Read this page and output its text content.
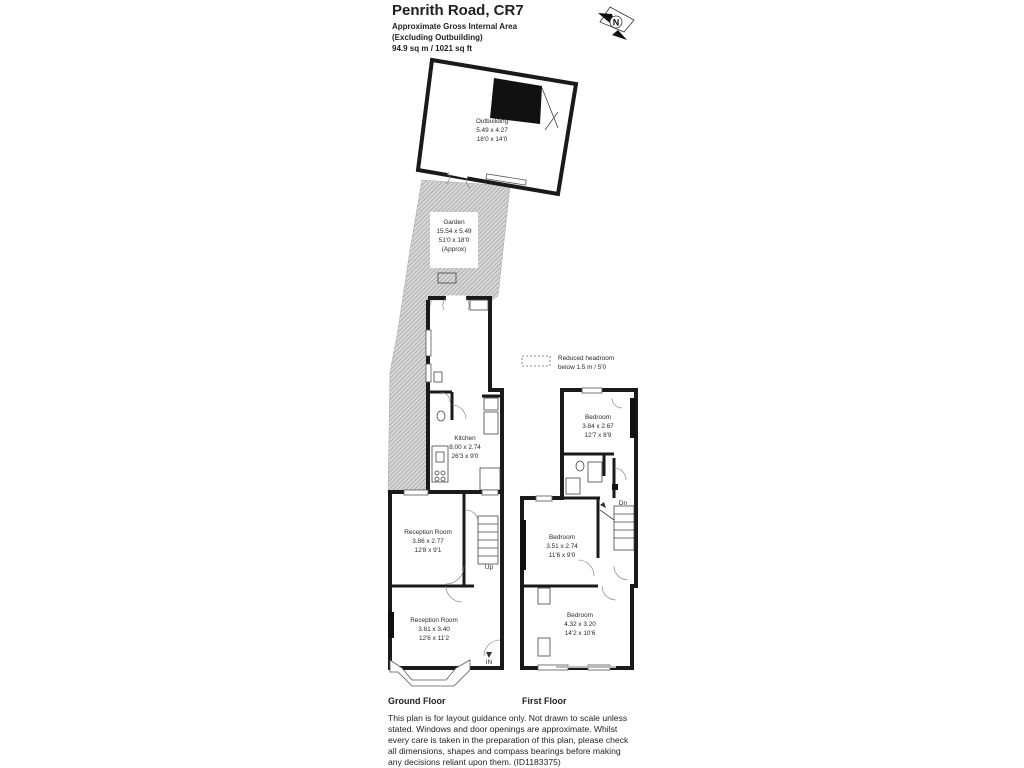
Penrith Road, CR7
Approximate Gross Internal Area
(Excluding Outbuilding)
94.9 sq m / 1021 sq ft
N
Outbuilding
5.49 x 4.27
18'0 x 14'0
Garden
15.54 x 5.49
51'0 x 18'0
(Approx)
Kitchen
8.00 x 2.74
26'3 x 9'0
Reception Room
3.86 x 2.77
12'8 x 9'1
Reception Room
3.81 x 3.40
12'6 x 11'2
Bedroom
3.84 x 2.67
12'7 x 8'9
Bedroom
3.51 x 2.74
11'6 x 9'0
Bedroom
4.32 x 3.20
14'2 x 10'6
Up
Dn
IN
Reduced headroom
below 1.5 m / 5'0
Ground Floor	First Floor
This plan is for layout guidance only. Not drawn to scale unless
stated. Windows and door openings are approximate. Whilst
every care is taken in the preparation of this plan, please check
all dimensions, shapes and compass bearings before making
any decisions reliant upon them. (ID1183375)
